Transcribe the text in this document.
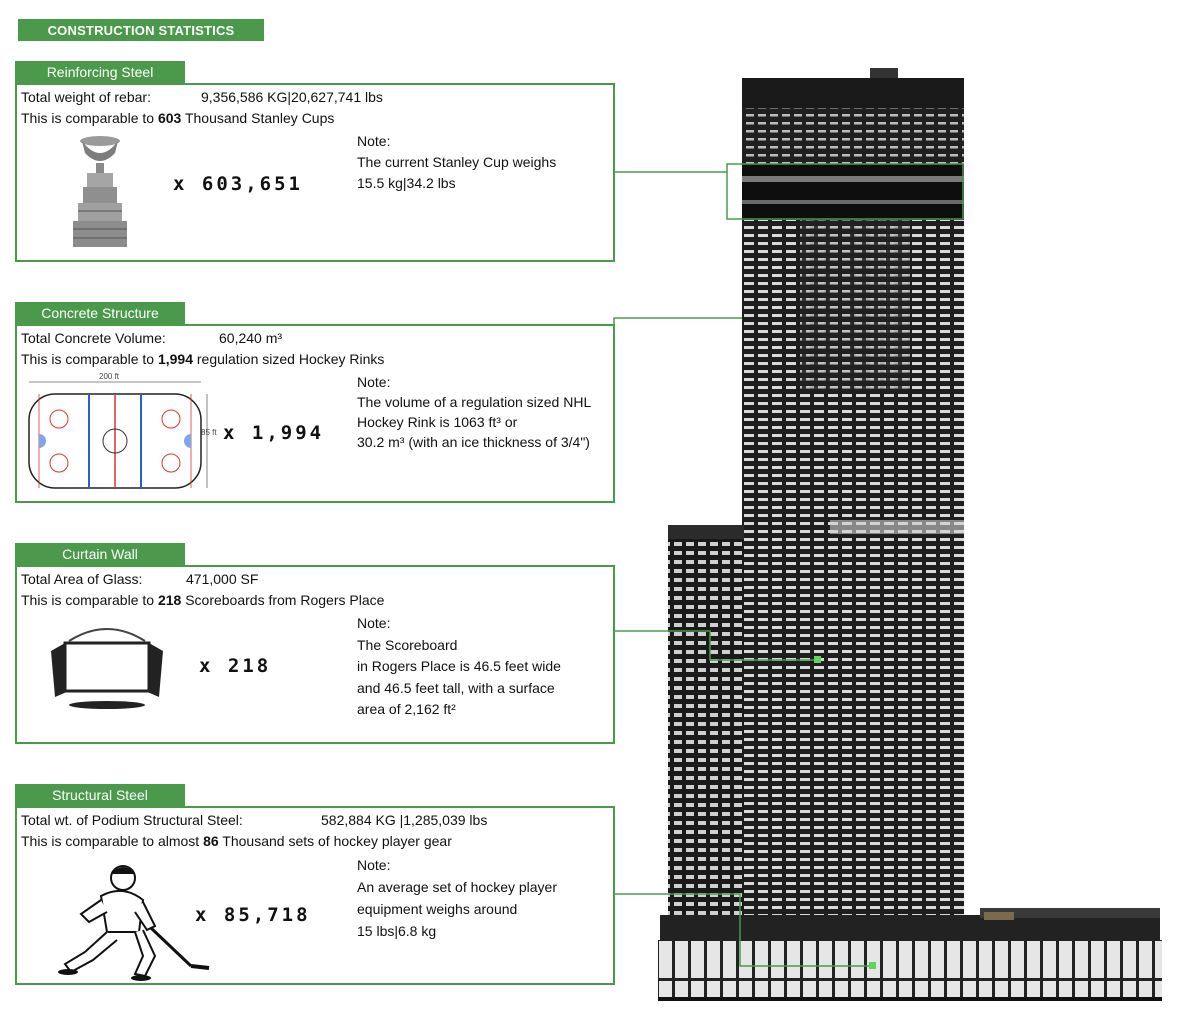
CONSTRUCTION STATISTICS
Reinforcing Steel
Total weight of rebar:	9,356,586 KG|20,627,741 lbs
This is comparable to 603 Thousand Stanley Cups
x 603,651
Note:
The current Stanley Cup weighs
15.5 kg|34.2 lbs
Concrete Structure
Total Concrete Volume:	60,240 m³
This is comparable to 1,994 regulation sized Hockey Rinks
200 ft
85 ft x 1,994
Note:
The volume of a regulation sized NHL
Hockey Rink is 1063 ft³ or
30.2 m³ (with an ice thickness of 3/4")
Curtain Wall
Total Area of Glass:	471,000 SF
This is comparable to 218 Scoreboards from Rogers Place
x 218
Note:
The Scoreboard
in Rogers Place is 46.5 feet wide
and 46.5 feet tall, with a surface
area of 2,162 ft²
Structural Steel
Total wt. of Podium Structural Steel:	582,884 KG |1,285,039 lbs
This is comparable to almost 86 Thousand sets of hockey player gear
x 85,718
Note:
An average set of hockey player
equipment weighs around
15 lbs|6.8 kg
